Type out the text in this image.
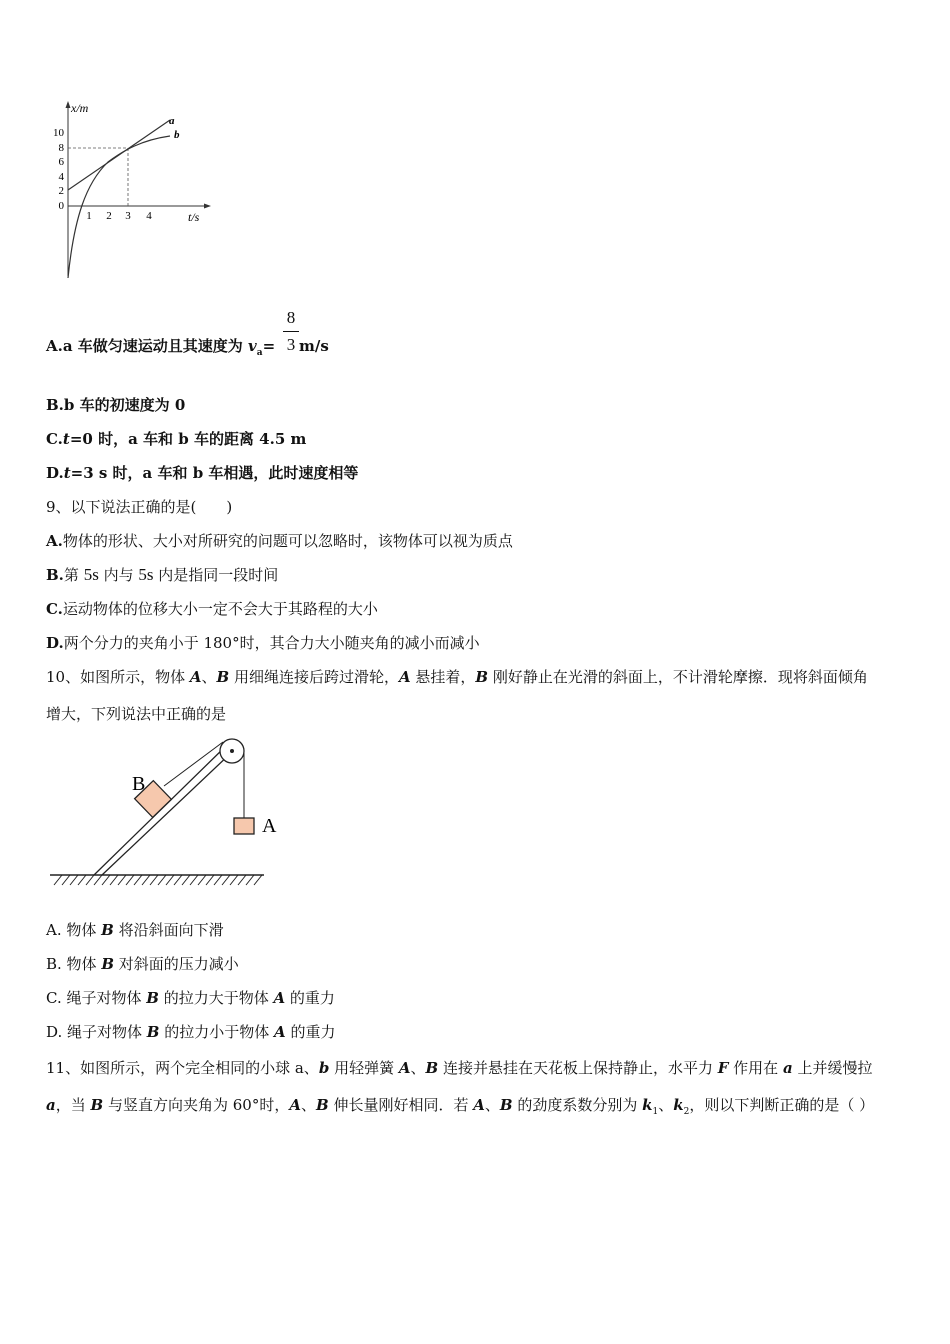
x/m
t/s
10
8
6
4
2
0
1 2 3 4
a
b
A.a 车做匀速运动且其速度为 $v_a=$
8
3 m/s
B.b 车的初速度为 0
C.t=0 时，a 车和 b 车的距离 4.5 m
D.t=3 s 时，a 车和 b 车相遇，此时速度相等
9、以下说法正确的是(　　)
A.物体的形状、大小对所研究的问题可以忽略时，该物体可以视为质点
B.第 5s 内与 5s 内是指同一段时间
C.运动物体的位移大小一定不会大于其路程的大小
D.两个分力的夹角小于 180°时，其合力大小随夹角的减小而减小
10、如图所示，物体 A、B 用细绳连接后跨过滑轮，A 悬挂着，B 刚好静止在光滑的斜面上，不计滑轮摩擦．现将斜面倾角
增大，下列说法中正确的是
B
A
A. 物体 B 将沿斜面向下滑
B. 物体 B 对斜面的压力减小
C. 绳子对物体 B 的拉力大于物体 A 的重力
D. 绳子对物体 B 的拉力小于物体 A 的重力
11、如图所示，两个完全相同的小球 a、b 用轻弹簧 A、B 连接并悬挂在天花板上保持静止，水平力 F 作用在 a 上并缓慢拉
a，当 B 与竖直方向夹角为 60°时，A、B 伸长量刚好相同．若 A、B 的劲度系数分别为 $k_1$、$k_2$，则以下判断正确的是（ ）
